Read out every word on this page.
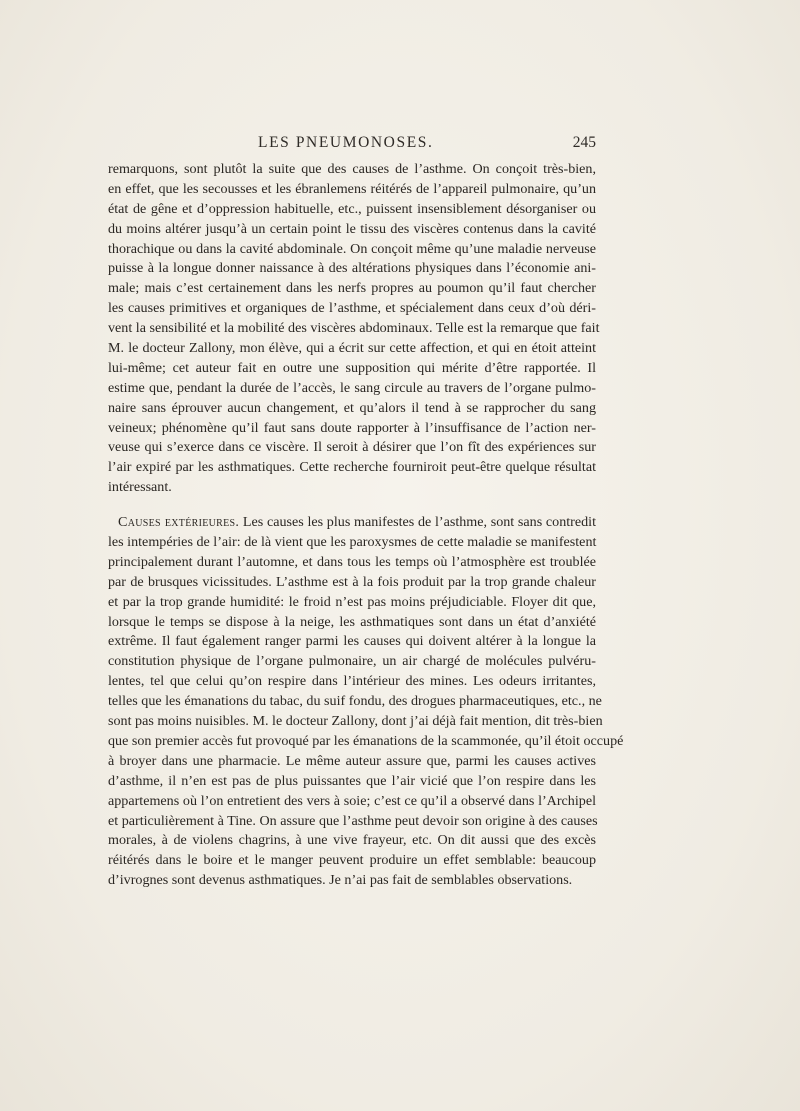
LES PNEUMONOSES.	245
remarquons, sont plutôt la suite que des causes de l’asthme. On conçoit très-bien,
en effet, que les secousses et les ébranlemens réitérés de l’appareil pulmonaire, qu’un
état de gêne et d’oppression habituelle, etc., puissent insensiblement désorganiser ou
du moins altérer jusqu’à un certain point le tissu des viscères contenus dans la cavité
thorachique ou dans la cavité abdominale. On conçoit même qu’une maladie nerveuse
puisse à la longue donner naissance à des altérations physiques dans l’économie ani-
male; mais c’est certainement dans les nerfs propres au poumon qu’il faut chercher
les causes primitives et organiques de l’asthme, et spécialement dans ceux d’où déri-
vent la sensibilité et la mobilité des viscères abdominaux. Telle est la remarque que fait
M. le docteur Zallony, mon élève, qui a écrit sur cette affection, et qui en étoit atteint
lui-même; cet auteur fait en outre une supposition qui mérite d’être rapportée. Il
estime que, pendant la durée de l’accès, le sang circule au travers de l’organe pulmo-
naire sans éprouver aucun changement, et qu’alors il tend à se rapprocher du sang
veineux; phénomène qu’il faut sans doute rapporter à l’insuffisance de l’action ner-
veuse qui s’exerce dans ce viscère. Il seroit à désirer que l’on fît des expériences sur
l’air expiré par les asthmatiques. Cette recherche fourniroit peut-être quelque résultat
intéressant.
Causes extérieures. Les causes les plus manifestes de l’asthme, sont sans contredit
les intempéries de l’air: de là vient que les paroxysmes de cette maladie se manifestent
principalement durant l’automne, et dans tous les temps où l’atmosphère est troublée
par de brusques vicissitudes. L’asthme est à la fois produit par la trop grande chaleur
et par la trop grande humidité: le froid n’est pas moins préjudiciable. Floyer dit que,
lorsque le temps se dispose à la neige, les asthmatiques sont dans un état d’anxiété
extrême. Il faut également ranger parmi les causes qui doivent altérer à la longue la
constitution physique de l’organe pulmonaire, un air chargé de molécules pulvéru-
lentes, tel que celui qu’on respire dans l’intérieur des mines. Les odeurs irritantes,
telles que les émanations du tabac, du suif fondu, des drogues pharmaceutiques, etc., ne
sont pas moins nuisibles. M. le docteur Zallony, dont j’ai déjà fait mention, dit très-bien
que son premier accès fut provoqué par les émanations de la scammonée, qu’il étoit occupé
à broyer dans une pharmacie. Le même auteur assure que, parmi les causes actives
d’asthme, il n’en est pas de plus puissantes que l’air vicié que l’on respire dans les
appartemens où l’on entretient des vers à soie; c’est ce qu’il a observé dans l’Archipel
et particulièrement à Tine. On assure que l’asthme peut devoir son origine à des causes
morales, à de violens chagrins, à une vive frayeur, etc. On dit aussi que des excès
réitérés dans le boire et le manger peuvent produire un effet semblable: beaucoup
d’ivrognes sont devenus asthmatiques. Je n’ai pas fait de semblables observations.
